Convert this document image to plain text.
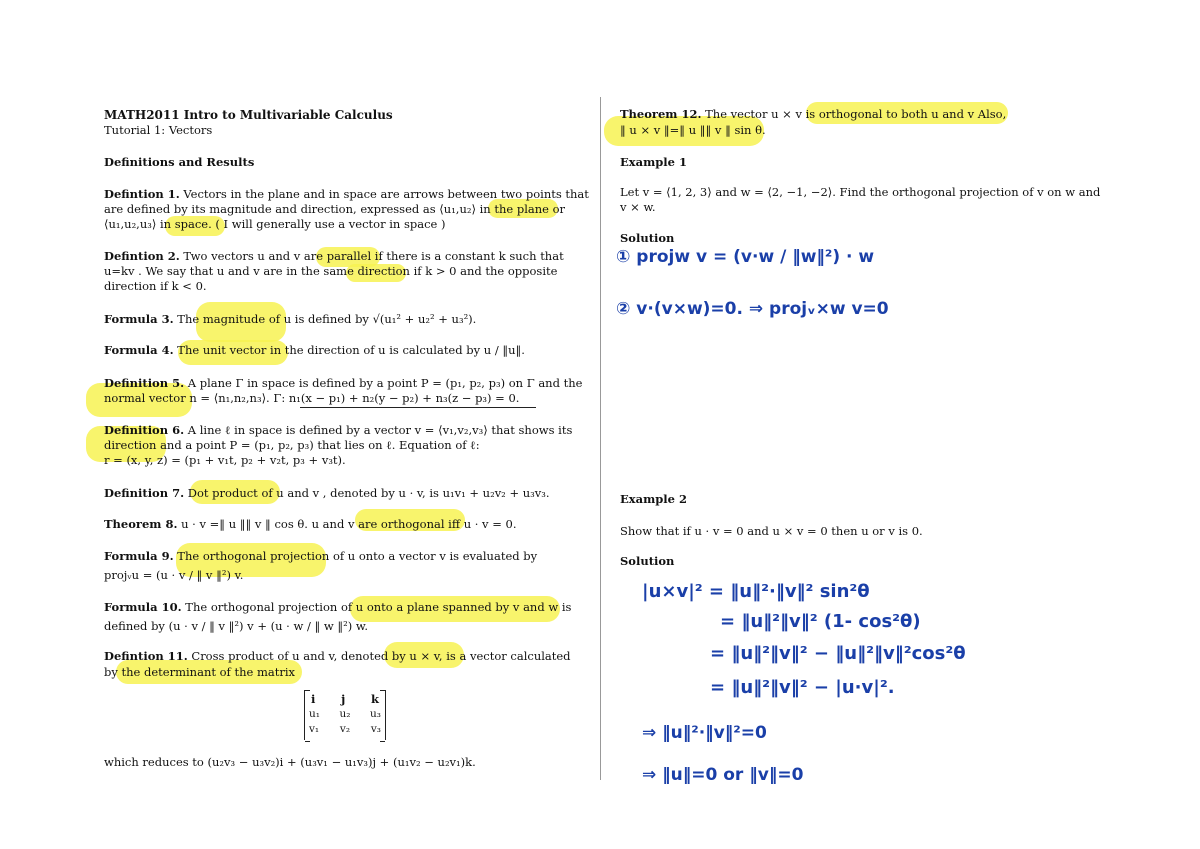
MATH2011 Intro to Multivariable Calculus
Tutorial 1: Vectors
Definitions and Results
Defintion 1. Vectors in the plane and in space are arrows between two points that
are defined by its magnitude and direction, expressed as ⟨u₁,u₂⟩ in the plane or
⟨u₁,u₂,u₃⟩ in space. ( I will generally use a vector in space )
Defintion 2. Two vectors u and v are parallel if there is a constant k such that
u=kv . We say that u and v are in the same direction if k > 0 and the opposite
direction if k < 0.
Formula 3. The magnitude of u is defined by √(u₁² + u₂² + u₃²).
Formula 4. The unit vector in the direction of u is calculated by u / ‖u‖.
Definition 5. A plane Γ in space is defined by a point P = (p₁, p₂, p₃) on Γ and the
normal vector n = ⟨n₁,n₂,n₃⟩. Γ: n₁(x − p₁) + n₂(y − p₂) + n₃(z − p₃) = 0.
Definition 6. A line ℓ in space is defined by a vector v = ⟨v₁,v₂,v₃⟩ that shows its
direction and a point P = (p₁, p₂, p₃) that lies on ℓ. Equation of ℓ:
r = (x, y, z) = (p₁ + v₁t, p₂ + v₂t, p₃ + v₃t).
Definition 7. Dot product of u and v , denoted by u · v, is u₁v₁ + u₂v₂ + u₃v₃.
Theorem 8. u · v =‖ u ‖‖ v ‖ cos θ. u and v are orthogonal iff u · v = 0.
Formula 9. The orthogonal projection of u onto a vector v is evaluated by
projᵥu = (u · v / ‖ v ‖²) v.
Formula 10. The orthogonal projection of u onto a plane spanned by v and w is
defined by (u · v / ‖ v ‖²) v + (u · w / ‖ w ‖²) w.
Defintion 11. Cross product of u and v, denoted by u × v, is a vector calculated
by the determinant of the matrix
i j k
u₁ u₂ u₃
v₁ v₂ v₃
which reduces to (u₂v₃ − u₃v₂)i + (u₃v₁ − u₁v₃)j + (u₁v₂ − u₂v₁)k.
Theorem 12. The vector u × v is orthogonal to both u and v Also,
‖ u × v ‖=‖ u ‖‖ v ‖ sin θ.
Example 1
Let v = ⟨1, 2, 3⟩ and w = ⟨2, −1, −2⟩. Find the orthogonal projection of v on w and
v × w.
Solution
① projw v = (v·w / ‖w‖²) · w
② v·(v×w)=0. ⇒ projᵥ×w v=0
Example 2
Show that if u · v = 0 and u × v = 0 then u or v is 0.
Solution
|u×v|² = ‖u‖²·‖v‖² sin²θ
= ‖u‖²‖v‖² (1- cos²θ)
= ‖u‖²‖v‖² − ‖u‖²‖v‖²cos²θ
= ‖u‖²‖v‖² − |u·v|².
⇒ ‖u‖²·‖v‖²=0
⇒ ‖u‖=0 or ‖v‖=0
